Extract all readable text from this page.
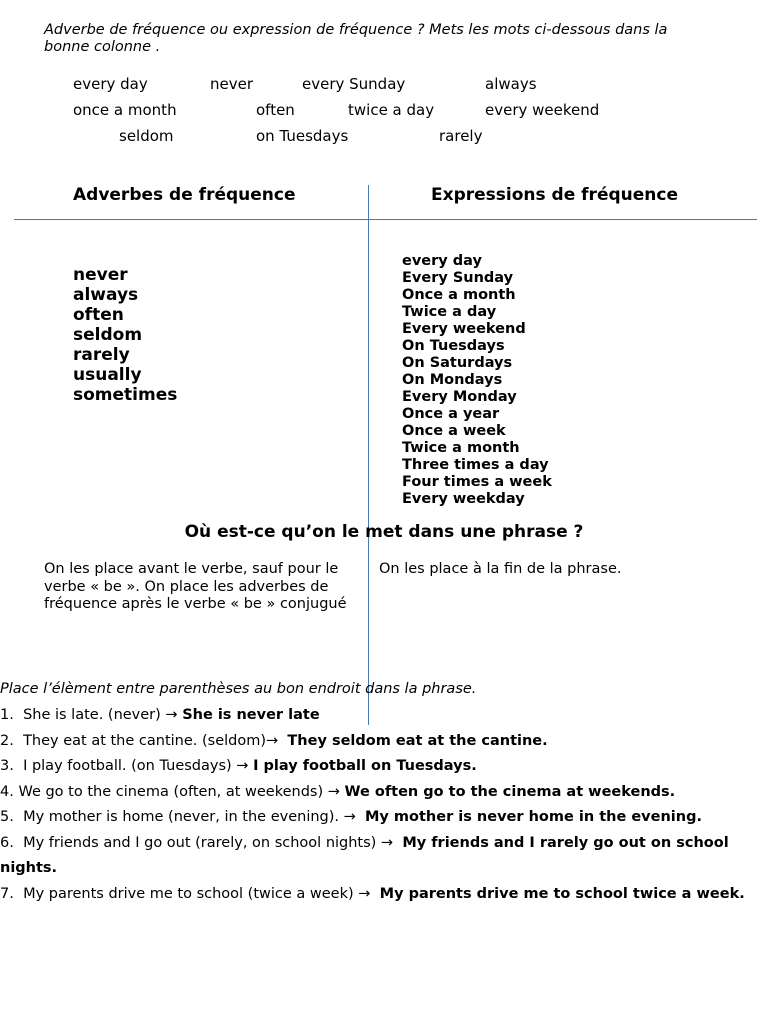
Adverbe de fréquence ou expression de fréquence ? Mets les mots ci-dessous dans la bonne colonne .
every day	never	every Sunday	always
once a month	often	twice a day	every weekend
seldom	on Tuesdays	rarely
Adverbes de fréquence	Expressions de fréquence
never
always
often
seldom
rarely
usually
sometimes
every day
Every Sunday
Once a month
Twice a day
Every weekend
On Tuesdays
On Saturdays
On Mondays
Every Monday
Once a year
Once a week
Twice a month
Three times a day
Four times a week
Every weekday
Où est-ce qu’on le met dans une phrase ?
On les place avant le verbe, sauf pour le verbe « be ». On place les adverbes de fréquence après le verbe « be » conjugué
On les place à la fin de la phrase.
Place l’élèment entre parenthèses au bon endroit dans la phrase.
1. She is late. (never) → She is never late
2. They eat at the cantine. (seldom)→ They seldom eat at the cantine.
3. I play football. (on Tuesdays) → I play football on Tuesdays.
4. We go to the cinema (often, at weekends) → We often go to the cinema at weekends.
5. My mother is home (never, in the evening). → My mother is never home in the evening.
6. My friends and I go out (rarely, on school nights) → My friends and I rarely go out on school nights.
7. My parents drive me to school (twice a week) → My parents drive me to school twice a week.
